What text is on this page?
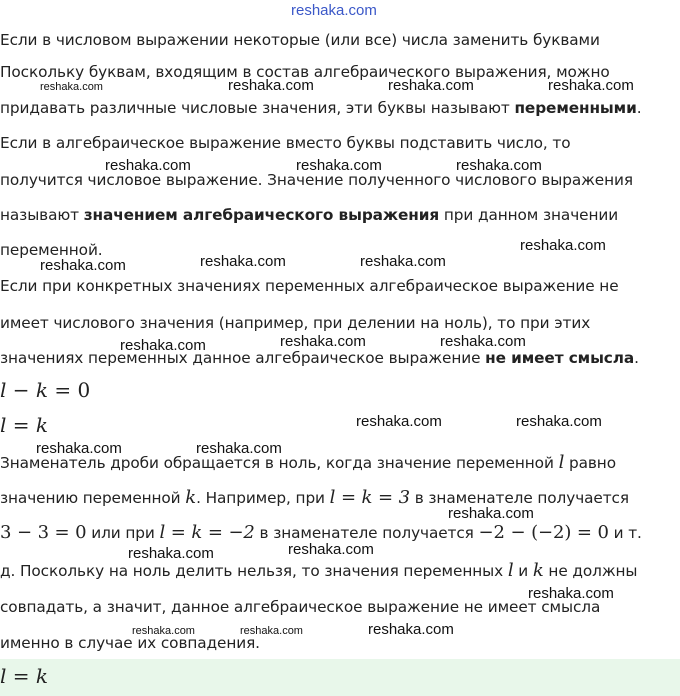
reshaka.com
Если в числовом выражении некоторые (или все) числа заменить буквами
Поскольку буквам, входящим в состав алгебраического выражения, можно
придавать различные числовые значения, эти буквы называют переменными.
Если в алгебраическое выражение вместо буквы подставить число, то
получится числовое выражение. Значение полученного числового выражения
называют значением алгебраического выражения при данном значении
переменной.
Если при конкретных значениях переменных алгебраическое выражение не
имеет числового значения (например, при делении на ноль), то при этих
значениях переменных данное алгебраическое выражение не имеет смысла.
l − k = 0
l = k
Знаменатель дроби обращается в ноль, когда значение переменной l равно
значению переменной k. Например, при l = k = 3 в знаменателе получается
3 − 3 = 0 или при l = k = −2 в знаменателе получается −2 − (−2) = 0 и т.
д. Поскольку на ноль делить нельзя, то значения переменных l и k не должны
совпадать, а значит, данное алгебраическое выражение не имеет смысла
именно в случае их совпадения.
l = k
reshaka.com	reshaka.com	reshaka.com	reshaka.com
reshaka.com	reshaka.com	reshaka.com
reshaka.com
reshaka.com	reshaka.com	reshaka.com
reshaka.com	reshaka.com	reshaka.com
reshaka.com	reshaka.com
reshaka.com	reshaka.com
reshaka.com
reshaka.com	reshaka.com
reshaka.com
reshaka.com	reshaka.com	reshaka.com
